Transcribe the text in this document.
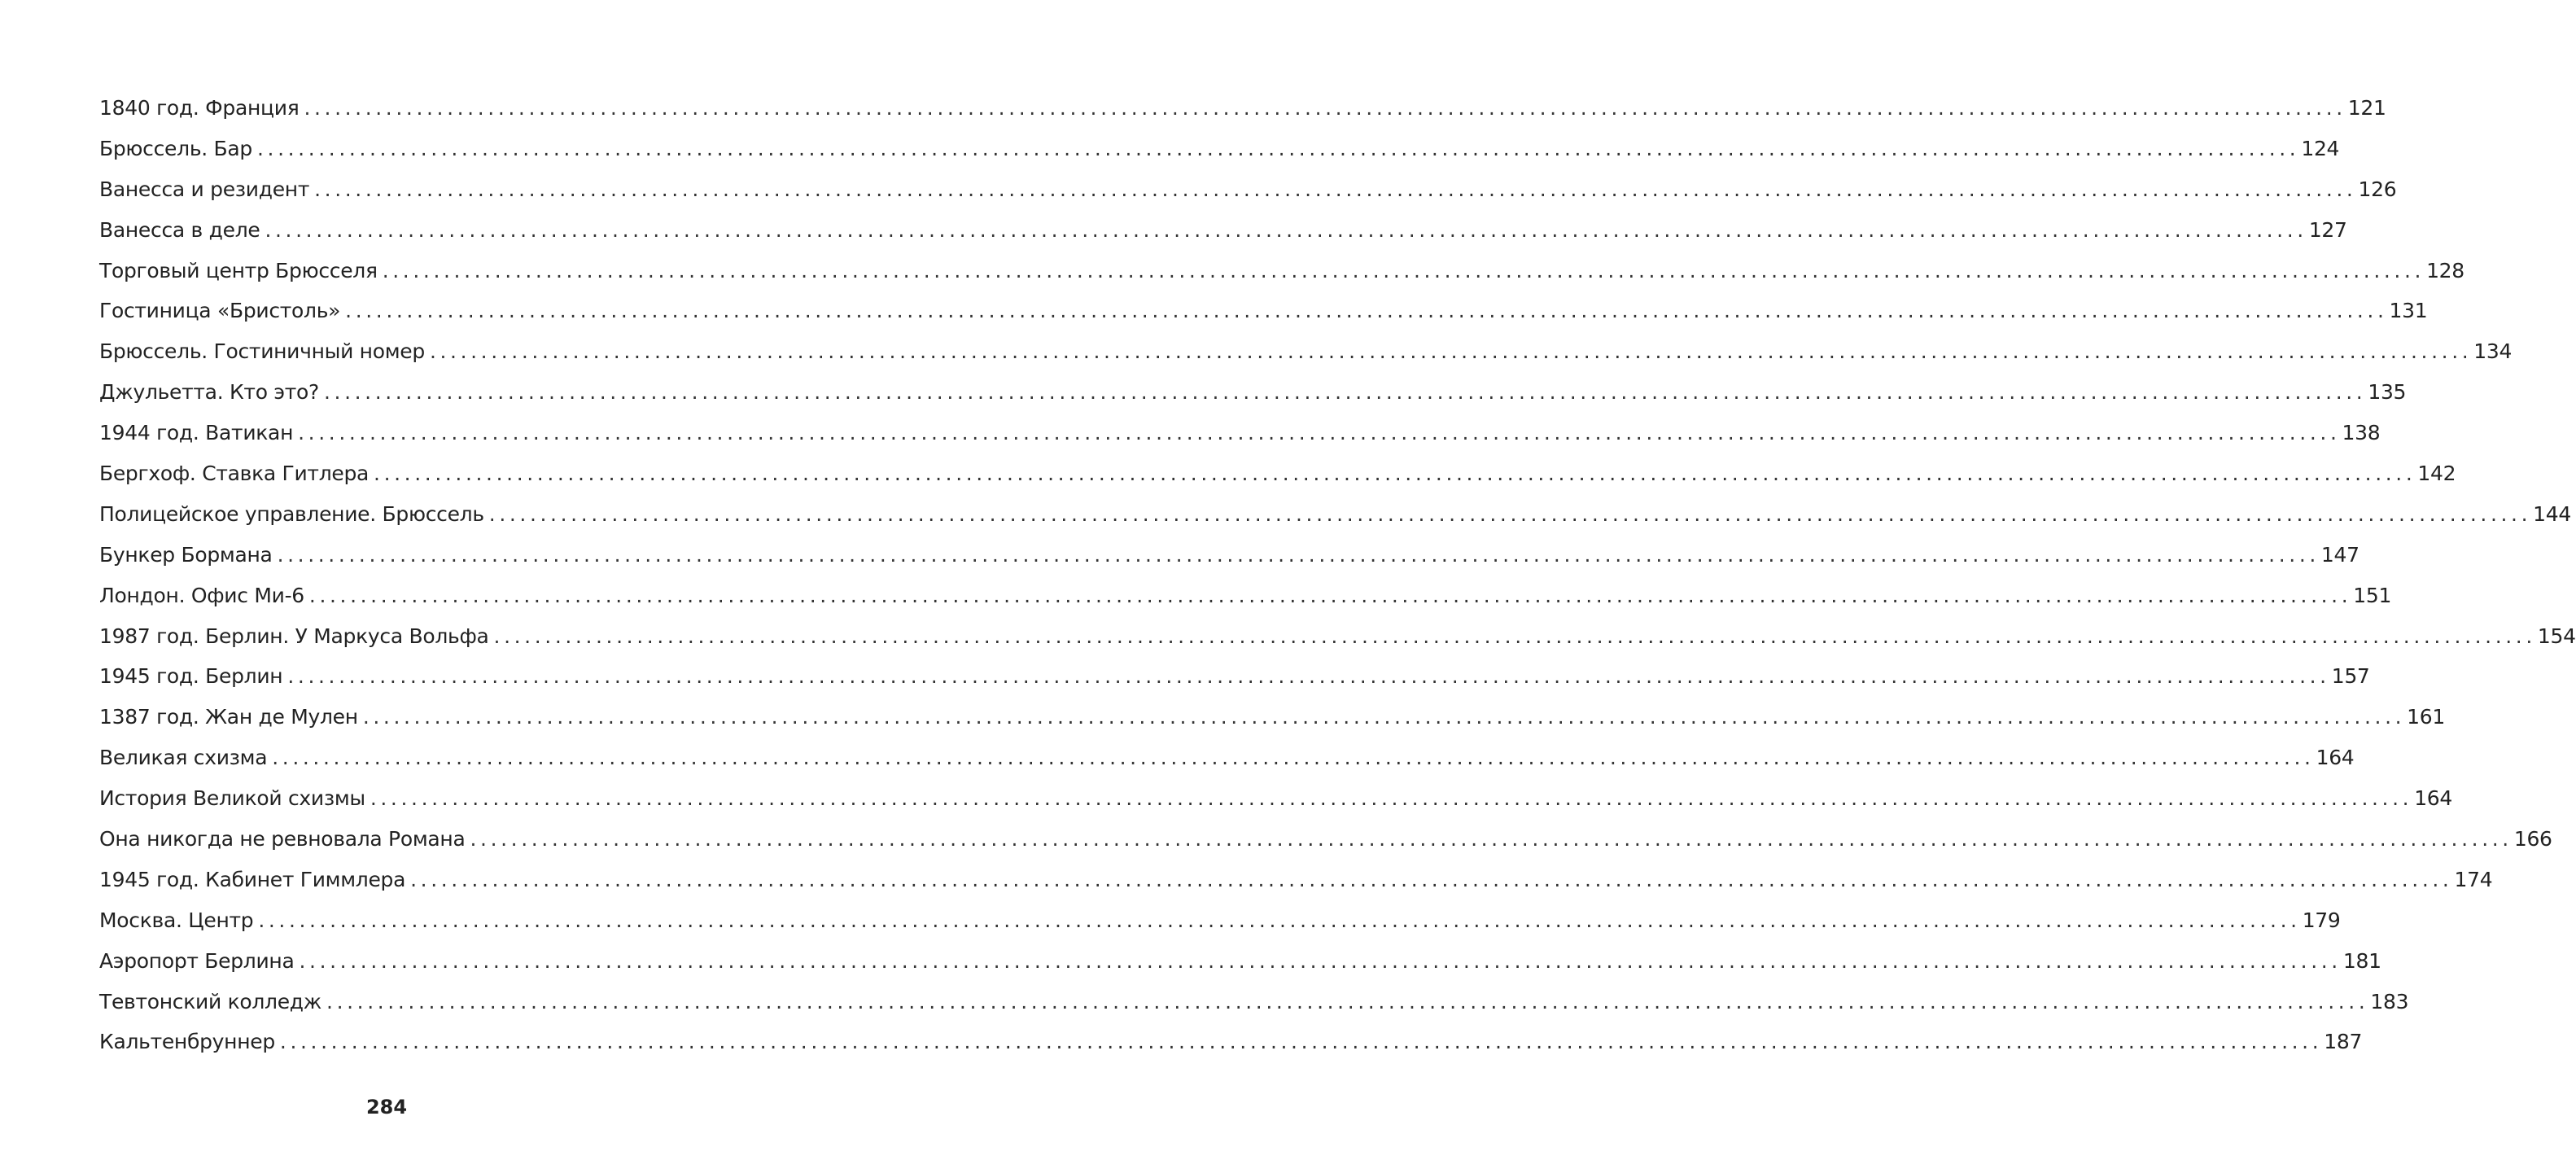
1840 год. Франция ........................................................................................................................................................................................................ 121
Брюссель. Бар ........................................................................................................................................................................................................ 124
Ванесса и резидент ........................................................................................................................................................................................................ 126
Ванесса в деле ........................................................................................................................................................................................................ 127
Торговый центр Брюсселя ........................................................................................................................................................................................................ 128
Гостиница «Бристоль» ........................................................................................................................................................................................................ 131
Брюссель. Гостиничный номер ........................................................................................................................................................................................................ 134
Джульетта. Кто это? ........................................................................................................................................................................................................ 135
1944 год. Ватикан ........................................................................................................................................................................................................ 138
Бергхоф. Ставка Гитлера ........................................................................................................................................................................................................ 142
Полицейское управление. Брюссель ........................................................................................................................................................................................................ 144
Бункер Бормана ........................................................................................................................................................................................................ 147
Лондон. Офис Ми-6 ........................................................................................................................................................................................................ 151
1987 год. Берлин. У Маркуса Вольфа ........................................................................................................................................................................................................ 154
1945 год. Берлин ........................................................................................................................................................................................................ 157
1387 год. Жан де Мулен ........................................................................................................................................................................................................ 161
Великая схизма ........................................................................................................................................................................................................ 164
История Великой схизмы ........................................................................................................................................................................................................ 164
Она никогда не ревновала Романа ........................................................................................................................................................................................................ 166
1945 год. Кабинет Гиммлера ........................................................................................................................................................................................................ 174
Москва. Центр ........................................................................................................................................................................................................ 179
Аэропорт Берлина ........................................................................................................................................................................................................ 181
Тевтонский колледж ........................................................................................................................................................................................................ 183
Кальтенбруннер ........................................................................................................................................................................................................ 187
284
